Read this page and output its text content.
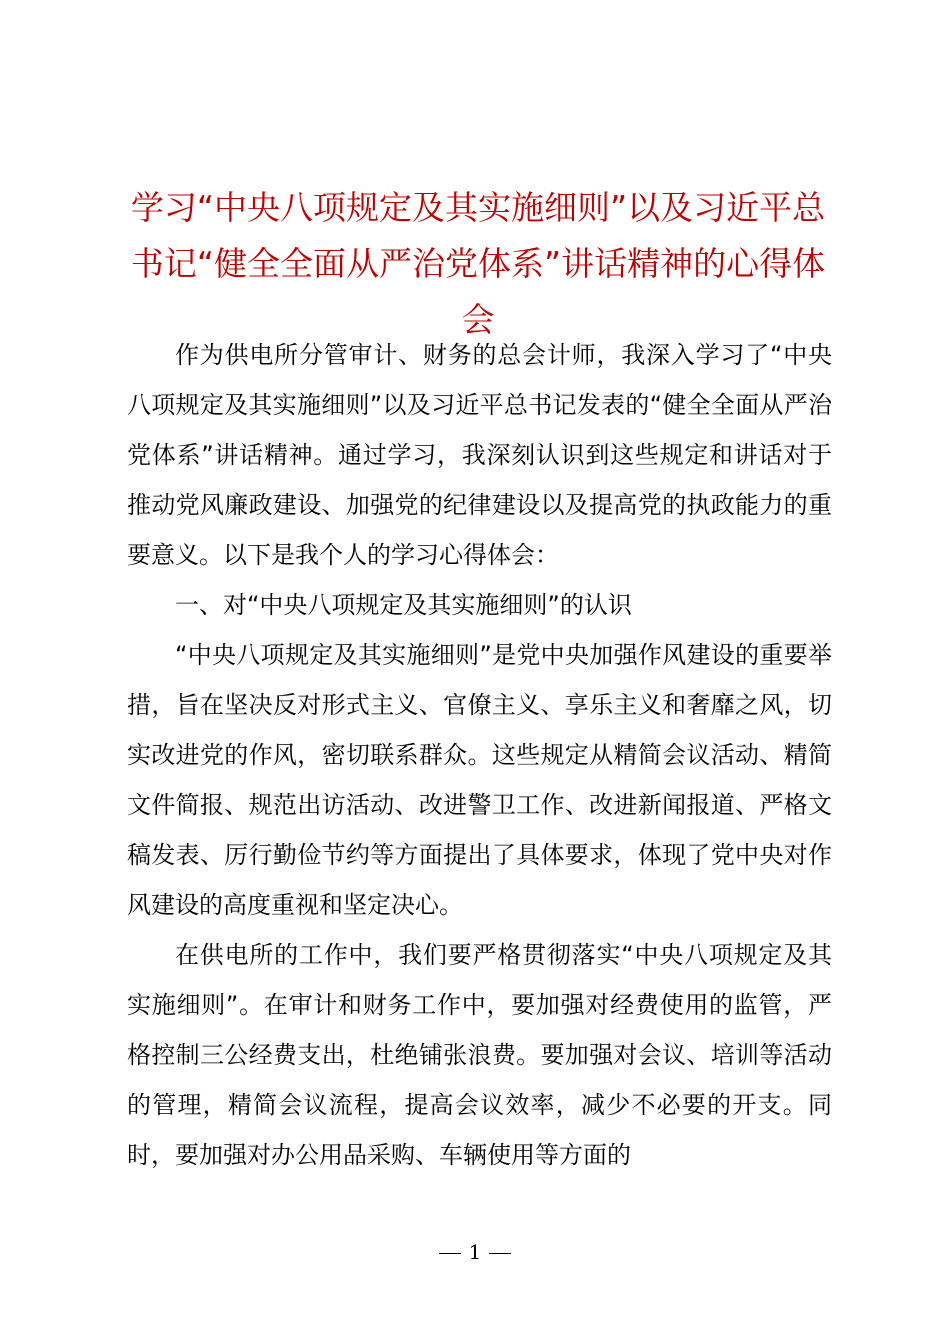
学习“中央八项规定及其实施细则”以及习近平总书记“健全全面从严治党体系”讲话精神的心得体会

作为供电所分管审计、财务的总会计师，我深入学习了“中央八项规定及其实施细则”以及习近平总书记发表的“健全全面从严治党体系”讲话精神。通过学习，我深刻认识到这些规定和讲话对于推动党风廉政建设、加强党的纪律建设以及提高党的执政能力的重要意义。以下是我个人的学习心得体会：

一、对“中央八项规定及其实施细则”的认识

“中央八项规定及其实施细则”是党中央加强作风建设的重要举措，旨在坚决反对形式主义、官僚主义、享乐主义和奢靡之风，切实改进党的作风，密切联系群众。这些规定从精简会议活动、精简文件简报、规范出访活动、改进警卫工作、改进新闻报道、严格文稿发表、厉行勤俭节约等方面提出了具体要求，体现了党中央对作风建设的高度重视和坚定决心。

在供电所的工作中，我们要严格贯彻落实“中央八项规定及其实施细则”。在审计和财务工作中，要加强对经费使用的监管，严格控制三公经费支出，杜绝铺张浪费。要加强对会议、培训等活动的管理，精简会议流程，提高会议效率，减少不必要的开支。同时，要加强对办公用品采购、车辆使用等方面的

1
